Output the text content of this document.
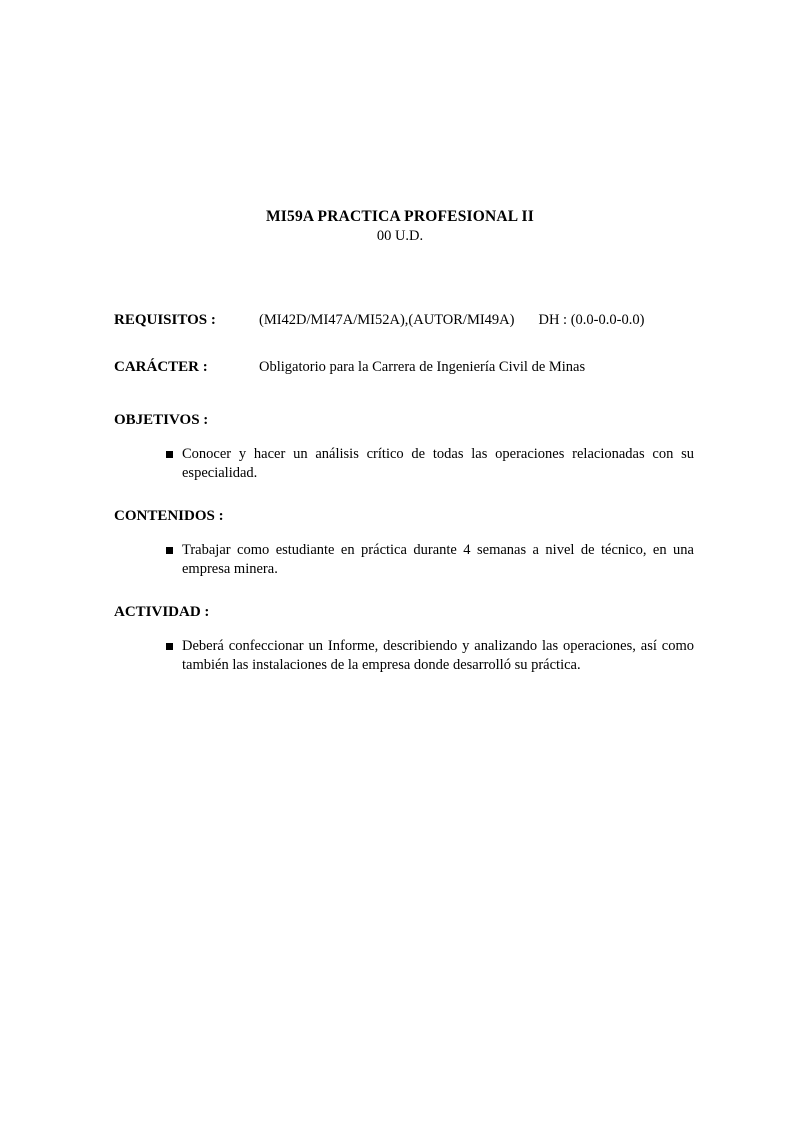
MI59A PRACTICA PROFESIONAL II
00 U.D.
REQUISITOS :	(MI42D/MI47A/MI52A),(AUTOR/MI49A) DH : (0.0-0.0-0.0)
CARÁCTER :	Obligatorio para la Carrera de Ingeniería Civil de Minas
OBJETIVOS :
Conocer y hacer un análisis crítico de todas las operaciones relacionadas con su especialidad.
CONTENIDOS :
Trabajar como estudiante en práctica durante 4 semanas a nivel de técnico, en una empresa minera.
ACTIVIDAD :
Deberá confeccionar un Informe, describiendo y analizando las operaciones, así como también las instalaciones de la empresa donde desarrolló su práctica.
